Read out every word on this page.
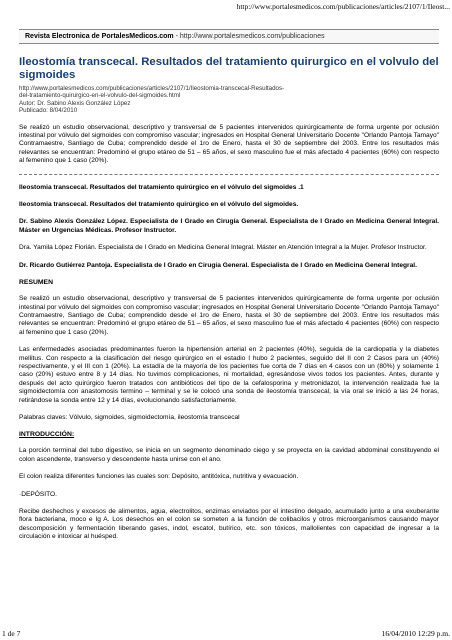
http://www.portalesmedicos.com/publicaciones/articles/2107/1/Ileost...
Revista Electronica de PortalesMedicos.com - http://www.portalesmedicos.com/publicaciones
Ileostomía transcecal. Resultados del tratamiento quirurgico en el volvulo del sigmoides
http://www.portalesmedicos.com/publicaciones/articles/2107/1/Ileostomia-transcecal-Resultados-
del-tratamiento-quirurgico-en-el-volvulo-del-sigmoides.html
Autor: Dr. Sabino Alexis González López
Publicado: 8/04/2010

Se realizó un estudio observacional, descriptivo y transversal de 5 pacientes intervenidos quirúrgicamente de forma urgente por oclusión intestinal por vólvulo del sigmoides con compromiso vascular; ingresados en Hospital General Universitario Docente "Orlando Pantoja Tamayo" Contramaestre, Santiago de Cuba; comprendido desde el 1ro de Enero, hasta el 30 de septiembre del 2003. Entre los resultados más relevantes se encuentran: Predominó el grupo etáreo de 51 – 65 años, el sexo masculino fue el más afectado 4 pacientes (60%) con respecto al femenino que 1 caso (20%).

Ileostomia transcecal. Resultados del tratamiento quirúrgico en el vólvulo del sigmoides .1

Ileostomia transcecal. Resultados del tratamiento quirúrgico en el vólvulo del sigmoides.

Dr. Sabino Alexis González López. Especialista de I Grado en Cirugía General. Especialista de I Grado en Medicina General Integral. Máster en Urgencias Médicas. Profesor Instructor.

Dra. Yamila López Florián. Especialista de I Grado en Medicina General Integral. Máster en Atención Integral a la Mujer. Profesor Instructor.

Dr. Ricardo Gutiérrez Pantoja. Especialista de I Grado en Cirugía General. Especialista de I Grado en Medicina General Integral.

RESUMEN

Se realizó un estudio observacional, descriptivo y transversal de 5 pacientes intervenidos quirúrgicamente de forma urgente por oclusión intestinal por vólvulo del sigmoides con compromiso vascular; ingresados en Hospital General Universitario Docente "Orlando Pantoja Tamayo" Contramaestre, Santiago de Cuba; comprendido desde el 1ro de Enero, hasta el 30 de septiembre del 2003. Entre los resultados más relevantes se encuentran: Predominó el grupo etáreo de 51 – 65 años, el sexo masculino fue el más afectado 4 pacientes (60%) con respecto al femenino que 1 caso (20%).

Las enfermedades asociadas predominantes fueron la hipertensión arterial en 2 pacientes (40%), seguida de la cardiopatía y la diabetes mellitus. Con respecto a la clasificación del riesgo quirúrgico en el estadio I hubo 2 pacientes, seguido del II con 2 Casos para un (40%) respectivamente, y el III con 1 (20%). La estadía de la mayoría de los pacientes fue corta de 7 días en 4 casos con un (80%) y solamente 1 caso (20%) estuvo entre 8 y 14 días. No tuvimos complicaciones, ni mortalidad, egresándose vivos todos los pacientes. Antes, durante y después del acto quirúrgico fueron tratados con antibióticos del tipo de la cefalosporina y metronidazol, la intervención realizada fue la sigmoidectomía con anastomosis termino – terminal y se le colocó una sonda de ileostomía transcecal, la vía oral se inició a las 24 horas, retirándose la sonda entre 12 y 14 días, evolucionando satisfactoriamente.

Palabras claves: Vólvulo, sigmoides, sigmoidectomía, ileostomía transcecal

INTRODUCCIÓN:

La porción terminal del tubo digestivo, se inicia en un segmento denominado ciego y se proyecta en la cavidad abdominal constituyendo el colon ascendente, transverso y descendente hasta unirse con el ano.

El colon realiza diferentes funciones las cuales son: Depósito, antitóxica, nutritiva y evacuación.

·DEPÓSITO.

Recibe deshechos y excesos de alimentos, agua, electrolitos, enzimas enviados por el intestino delgado, acumulado junto a una exuberante flora bacteriana, moco e Ig A. Los desechos en el colon se someten a la función de colibacilos y otros microorganismos causando mayor descomposición y fermentación liberando gases, indol, escatol, butírico, etc. son tóxicos, mallolientes con capacidad de ingresar a la circulación e intoxicar al huésped.

1 de 7	16/04/2010 12:29 p.m.
